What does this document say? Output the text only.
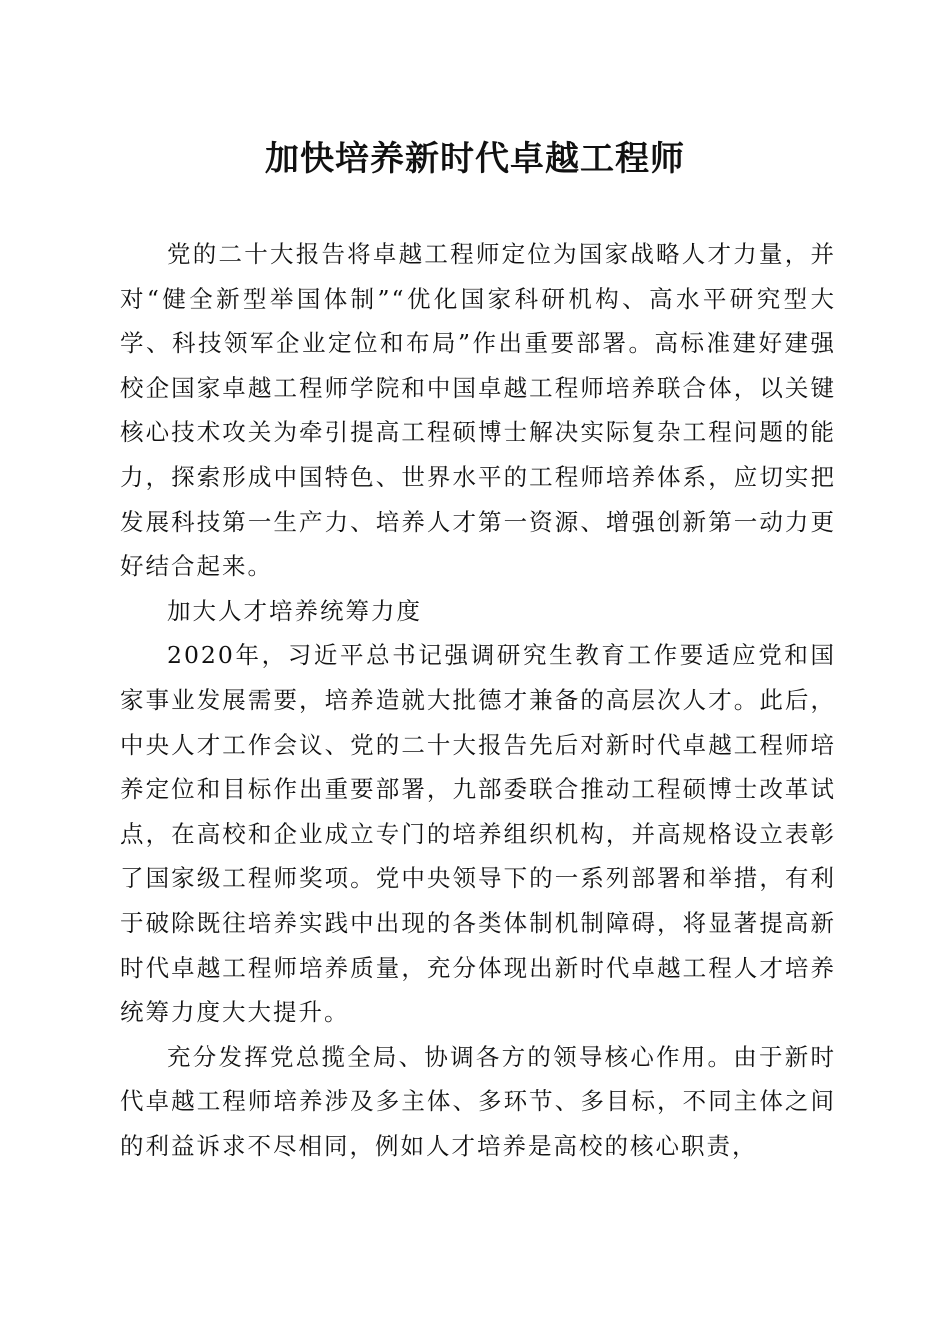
加快培养新时代卓越工程师

党的二十大报告将卓越工程师定位为国家战略人才力量，并对“健全新型举国体制”“优化国家科研机构、高水平研究型大学、科技领军企业定位和布局”作出重要部署。高标准建好建强校企国家卓越工程师学院和中国卓越工程师培养联合体，以关键核心技术攻关为牵引提高工程硕博士解决实际复杂工程问题的能力，探索形成中国特色、世界水平的工程师培养体系，应切实把发展科技第一生产力、培养人才第一资源、增强创新第一动力更好结合起来。

加大人才培养统筹力度

2020年，习近平总书记强调研究生教育工作要适应党和国家事业发展需要，培养造就大批德才兼备的高层次人才。此后，中央人才工作会议、党的二十大报告先后对新时代卓越工程师培养定位和目标作出重要部署，九部委联合推动工程硕博士改革试点，在高校和企业成立专门的培养组织机构，并高规格设立表彰了国家级工程师奖项。党中央领导下的一系列部署和举措，有利于破除既往培养实践中出现的各类体制机制障碍，将显著提高新时代卓越工程师培养质量，充分体现出新时代卓越工程人才培养统筹力度大大提升。

充分发挥党总揽全局、协调各方的领导核心作用。由于新时代卓越工程师培养涉及多主体、多环节、多目标，不同主体之间的利益诉求不尽相同，例如人才培养是高校的核心职责，
